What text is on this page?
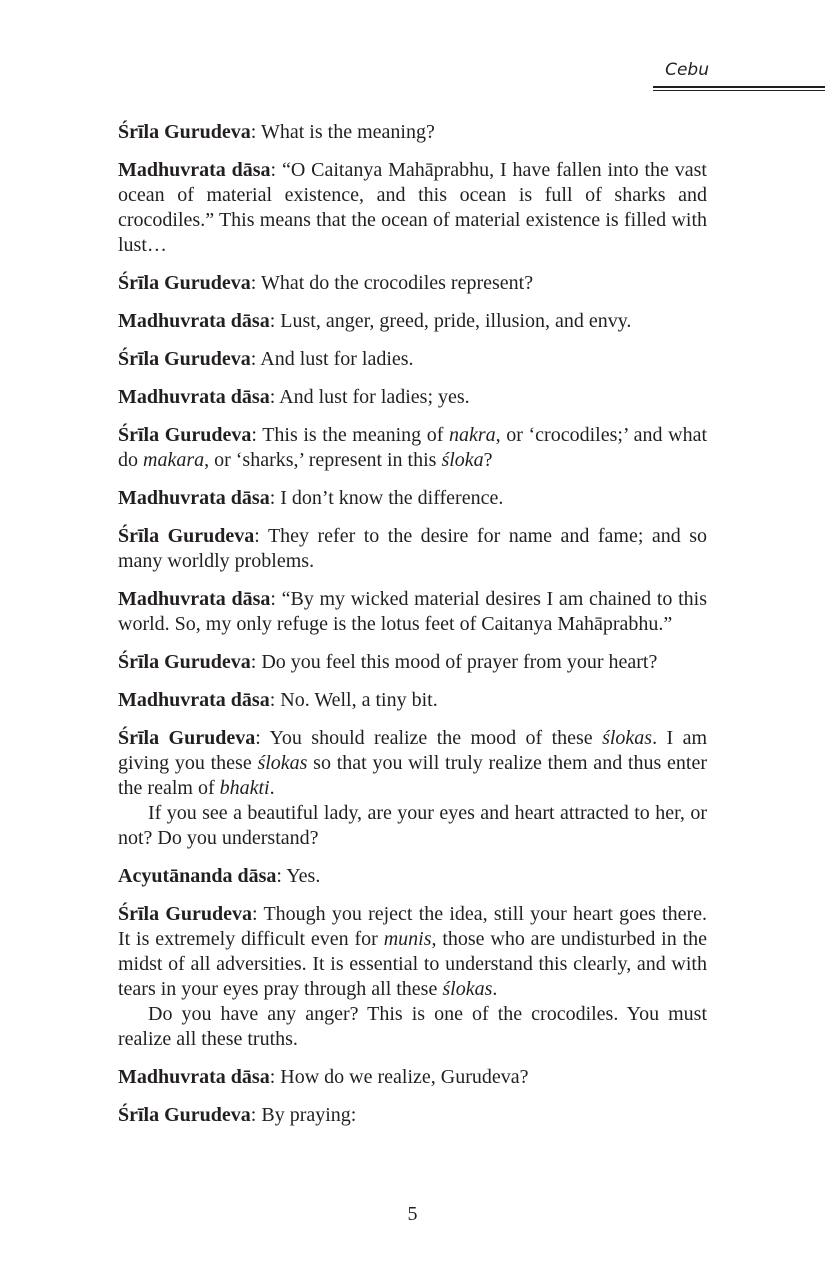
Cebu

Śrīla Gurudeva: What is the meaning?

Madhuvrata dāsa: “O Caitanya Mahāprabhu, I have fallen into the vast ocean of material existence, and this ocean is full of sharks and crocodiles.” This means that the ocean of material existence is filled with lust…

Śrīla Gurudeva: What do the crocodiles represent?

Madhuvrata dāsa: Lust, anger, greed, pride, illusion, and envy.

Śrīla Gurudeva: And lust for ladies.

Madhuvrata dāsa: And lust for ladies; yes.

Śrīla Gurudeva: This is the meaning of nakra, or ‘crocodiles;’ and what do makara, or ‘sharks,’ represent in this śloka?

Madhuvrata dāsa: I don’t know the difference.

Śrīla Gurudeva: They refer to the desire for name and fame; and so many worldly problems.

Madhuvrata dāsa: “By my wicked material desires I am chained to this world. So, my only refuge is the lotus feet of Caitanya Mahāprabhu.”

Śrīla Gurudeva: Do you feel this mood of prayer from your heart?

Madhuvrata dāsa: No. Well, a tiny bit.

Śrīla Gurudeva: You should realize the mood of these ślokas. I am giving you these ślokas so that you will truly realize them and thus enter the realm of bhakti.

If you see a beautiful lady, are your eyes and heart attracted to her, or not? Do you understand?

Acyutānanda dāsa: Yes.

Śrīla Gurudeva: Though you reject the idea, still your heart goes there. It is extremely difficult even for munis, those who are undisturbed in the midst of all adversities. It is essential to understand this clearly, and with tears in your eyes pray through all these ślokas.

Do you have any anger? This is one of the crocodiles. You must realize all these truths.

Madhuvrata dāsa: How do we realize, Gurudeva?

Śrīla Gurudeva: By praying:

5
